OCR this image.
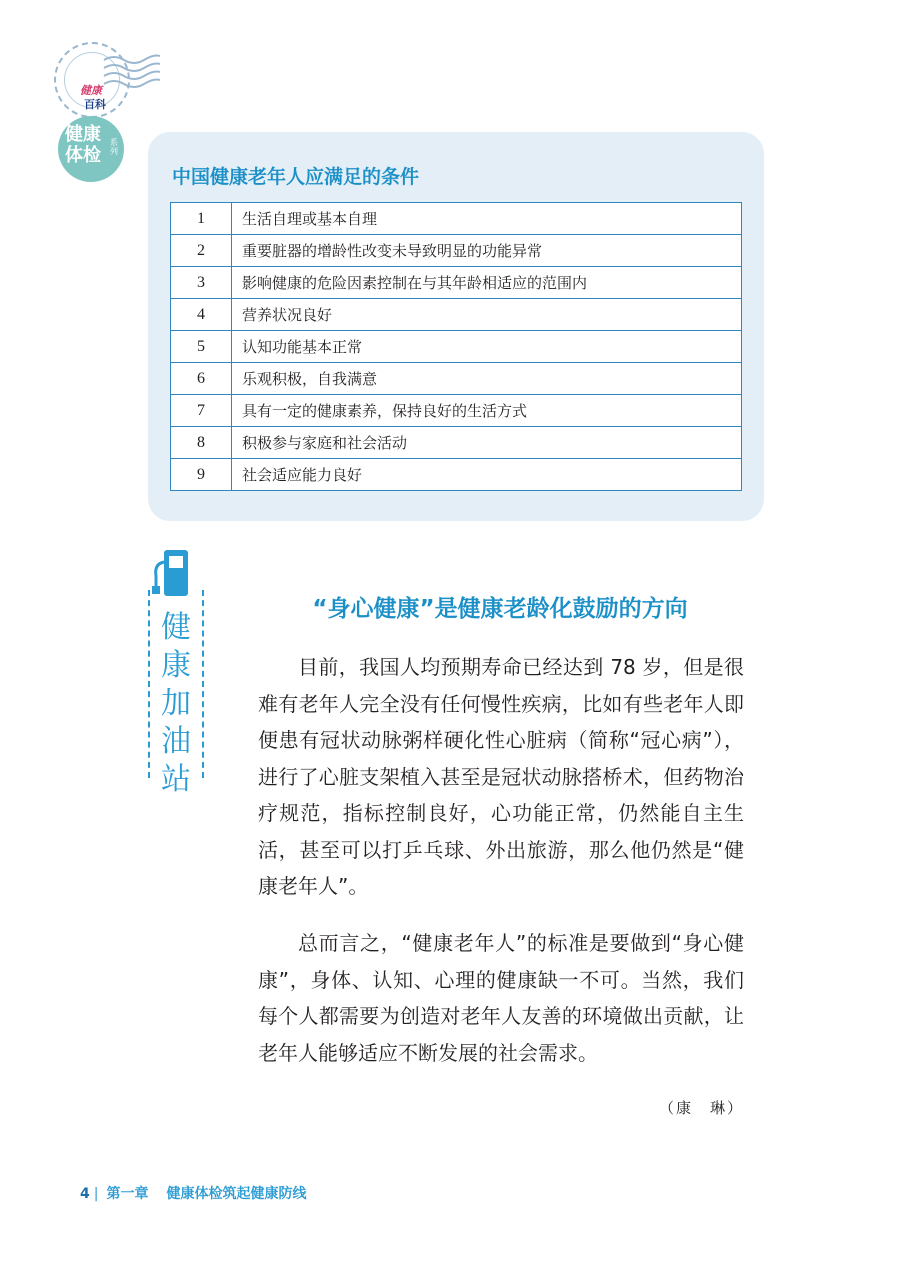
健康
百科
健康
体检
系列
中国健康老年人应满足的条件
1	生活自理或基本自理
2	重要脏器的增龄性改变未导致明显的功能异常
3	影响健康的危险因素控制在与其年龄相适应的范围内
4	营养状况良好
5	认知功能基本正常
6	乐观积极，自我满意
7	具有一定的健康素养，保持良好的生活方式
8	积极参与家庭和社会活动
9	社会适应能力良好
健
康
加
油
站
“身心健康”是健康老龄化鼓励的方向

目前，我国人均预期寿命已经达到 78 岁，但是很难有老年人完全没有任何慢性疾病，比如有些老年人即便患有冠状动脉粥样硬化性心脏病（简称“冠心病”），进行了心脏支架植入甚至是冠状动脉搭桥术，但药物治疗规范，指标控制良好，心功能正常，仍然能自主生活，甚至可以打乒乓球、外出旅游，那么他仍然是“健康老年人”。

总而言之，“健康老年人”的标准是要做到“身心健康”，身体、认知、心理的健康缺一不可。当然，我们每个人都需要为创造对老年人友善的环境做出贡献，让老年人能够适应不断发展的社会需求。

（康　琳）
4 | 第一章 健康体检筑起健康防线
